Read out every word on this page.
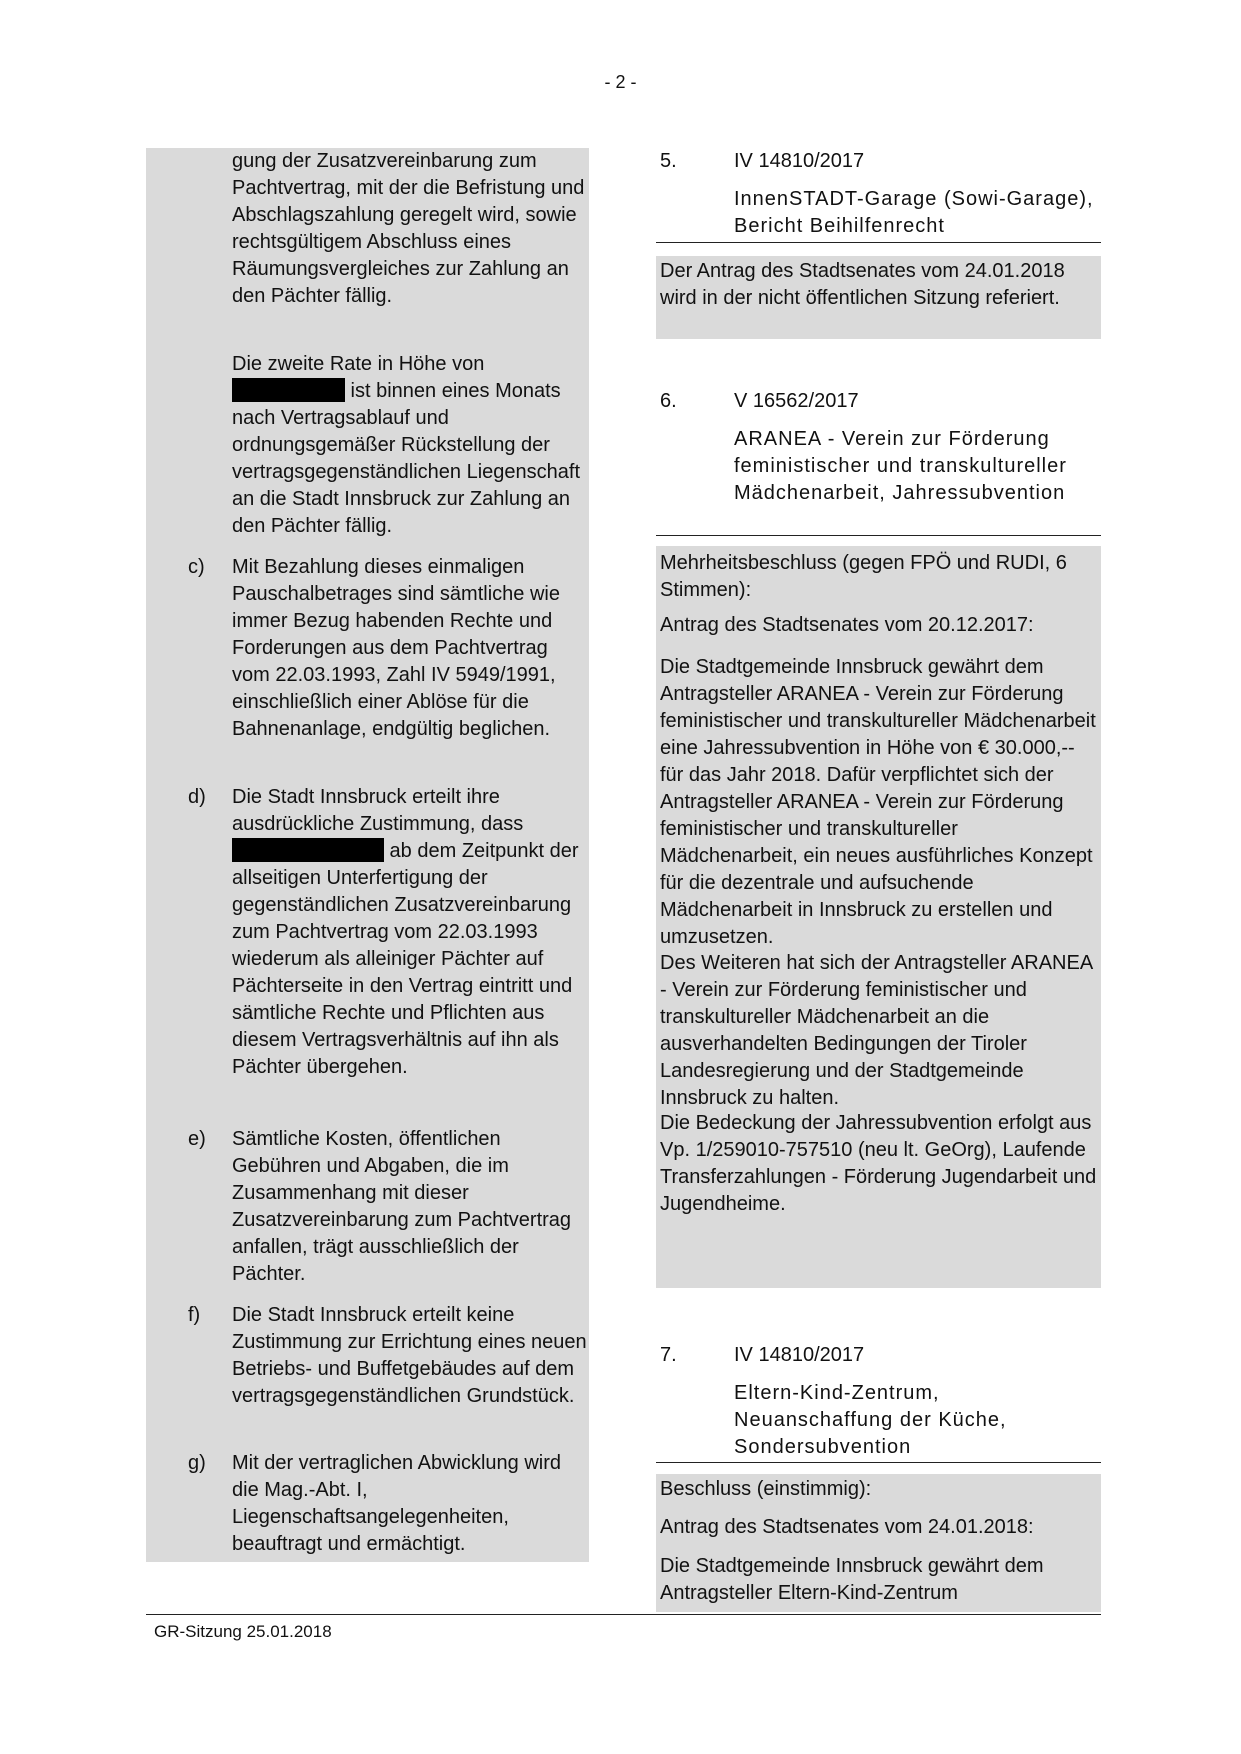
- 2 -

gung der Zusatzvereinbarung zum Pachtvertrag, mit der die Befristung und Abschlagszahlung geregelt wird, sowie rechtsgültigem Abschluss eines Räumungsvergleiches zur Zahlung an den Pächter fällig.

Die zweite Rate in Höhe von
ist binnen eines Monats nach Vertragsablauf und ordnungsgemäßer Rückstellung der vertragsgegenständlichen Liegenschaft an die Stadt Innsbruck zur Zahlung an den Pächter fällig.

c) Mit Bezahlung dieses einmaligen Pauschalbetrages sind sämtliche wie immer Bezug habenden Rechte und Forderungen aus dem Pachtvertrag vom 22.03.1993, Zahl IV 5949/1991, einschließlich einer Ablöse für die Bahnenanlage, endgültig beglichen.

d) Die Stadt Innsbruck erteilt ihre ausdrückliche Zustimmung, dass
ab dem Zeitpunkt der allseitigen Unterfertigung der gegenständlichen Zusatzvereinbarung zum Pachtvertrag vom 22.03.1993 wiederum als alleiniger Pächter auf Pächterseite in den Vertrag eintritt und sämtliche Rechte und Pflichten aus diesem Vertragsverhältnis auf ihn als Pächter übergehen.

e) Sämtliche Kosten, öffentlichen Gebühren und Abgaben, die im Zusammenhang mit dieser Zusatzvereinbarung zum Pachtvertrag anfallen, trägt ausschließlich der Pächter.

f) Die Stadt Innsbruck erteilt keine Zustimmung zur Errichtung eines neuen Betriebs- und Buffetgebäudes auf dem vertragsgegenständlichen Grundstück.

g) Mit der vertraglichen Abwicklung wird die Mag.-Abt. I, Liegenschaftsangelegenheiten, beauftragt und ermächtigt.

5.	IV 14810/2017

InnenSTADT-Garage (Sowi-Garage), Bericht Beihilfenrecht

Der Antrag des Stadtsenates vom 24.01.2018 wird in der nicht öffentlichen Sitzung referiert.

6.	V 16562/2017

ARANEA - Verein zur Förderung feministischer und transkultureller Mädchenarbeit, Jahressubvention

Mehrheitsbeschluss (gegen FPÖ und RUDI, 6 Stimmen):

Antrag des Stadtsenates vom 20.12.2017:

Die Stadtgemeinde Innsbruck gewährt dem Antragsteller ARANEA - Verein zur Förderung feministischer und transkultureller Mädchenarbeit eine Jahressubvention in Höhe von € 30.000,-- für das Jahr 2018. Dafür verpflichtet sich der Antragsteller ARANEA - Verein zur Förderung feministischer und transkultureller Mädchenarbeit, ein neues ausführliches Konzept für die dezentrale und aufsuchende Mädchenarbeit in Innsbruck zu erstellen und umzusetzen.

Des Weiteren hat sich der Antragsteller ARANEA - Verein zur Förderung feministischer und transkultureller Mädchenarbeit an die ausverhandelten Bedingungen der Tiroler Landesregierung und der Stadtgemeinde Innsbruck zu halten.

Die Bedeckung der Jahressubvention erfolgt aus Vp. 1/259010-757510 (neu lt. GeOrg), Laufende Transferzahlungen - Förderung Jugendarbeit und Jugendheime.

7.	IV 14810/2017

Eltern-Kind-Zentrum, Neuanschaffung der Küche, Sondersubvention

Beschluss (einstimmig):

Antrag des Stadtsenates vom 24.01.2018:

Die Stadtgemeinde Innsbruck gewährt dem Antragsteller Eltern-Kind-Zentrum

GR-Sitzung 25.01.2018
